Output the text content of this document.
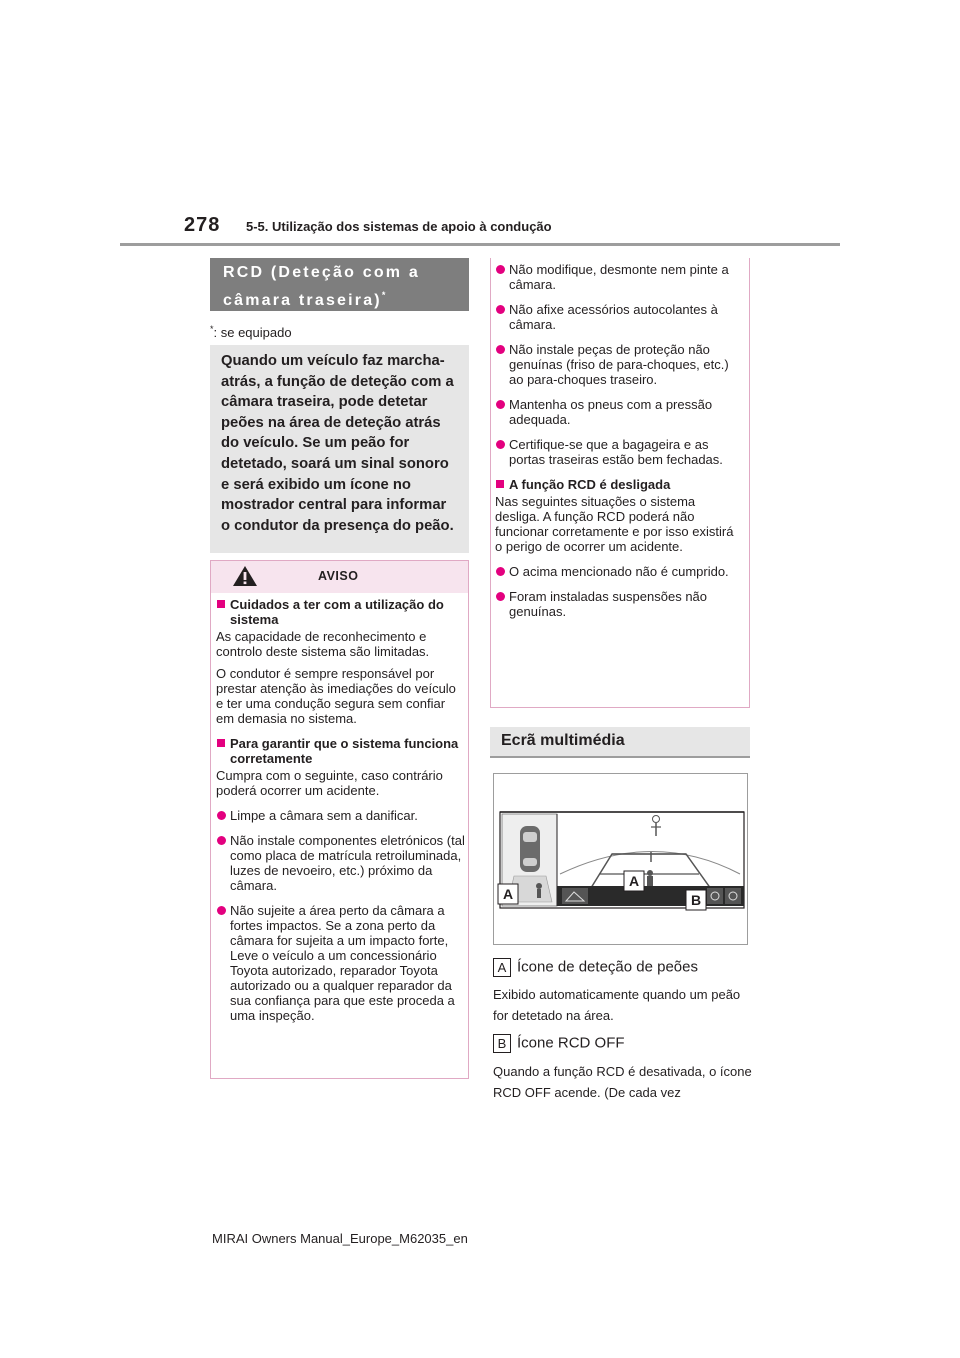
278 5-5. Utilização dos sistemas de apoio à condução
RCD (Deteção com a
câmara traseira)*
*: se equipado
Quando um veículo faz marcha-atrás, a função de deteção com a câmara traseira, pode detetar peões na área de deteção atrás do veículo. Se um peão for detetado, soará um sinal sonoro e será exibido um ícone no mostrador central para informar o condutor da presença do peão.
AVISO
Cuidados a ter com a utilização do sistema
As capacidade de reconhecimento e controlo deste sistema são limitadas.
O condutor é sempre responsável por prestar atenção às imediações do veículo e ter uma condução segura sem confiar em demasia no sistema.
Para garantir que o sistema funciona corretamente
Cumpra com o seguinte, caso contrário poderá ocorrer um acidente.
Limpe a câmara sem a danificar.
Não instale componentes eletrónicos (tal como placa de matrícula retroiluminada, luzes de nevoeiro, etc.) próximo da câmara.
Não sujeite a área perto da câmara a fortes impactos. Se a zona perto da câmara for sujeita a um impacto forte, Leve o veículo a um concessionário Toyota autorizado, reparador Toyota autorizado ou a qualquer reparador da sua confiança para que este proceda a uma inspeção.
Não modifique, desmonte nem pinte a câmara.
Não afixe acessórios autocolantes à câmara.
Não instale peças de proteção não genuínas (friso de para-choques, etc.) ao para-choques traseiro.
Mantenha os pneus com a pressão adequada.
Certifique-se que a bagageira e as portas traseiras estão bem fechadas.
A função RCD é desligada
Nas seguintes situações o sistema desliga. A função RCD poderá não funcionar corretamente e por isso existirá o perigo de ocorrer um acidente.
O acima mencionado não é cumprido.
Foram instaladas suspensões não genuínas.
Ecrã multimédia
A
A
B
A Ícone de deteção de peões
Exibido automaticamente quando um peão for detetado na área.
B Ícone RCD OFF
Quando a função RCD é desativada, o ícone RCD OFF acende. (De cada vez
MIRAI Owners Manual_Europe_M62035_en
